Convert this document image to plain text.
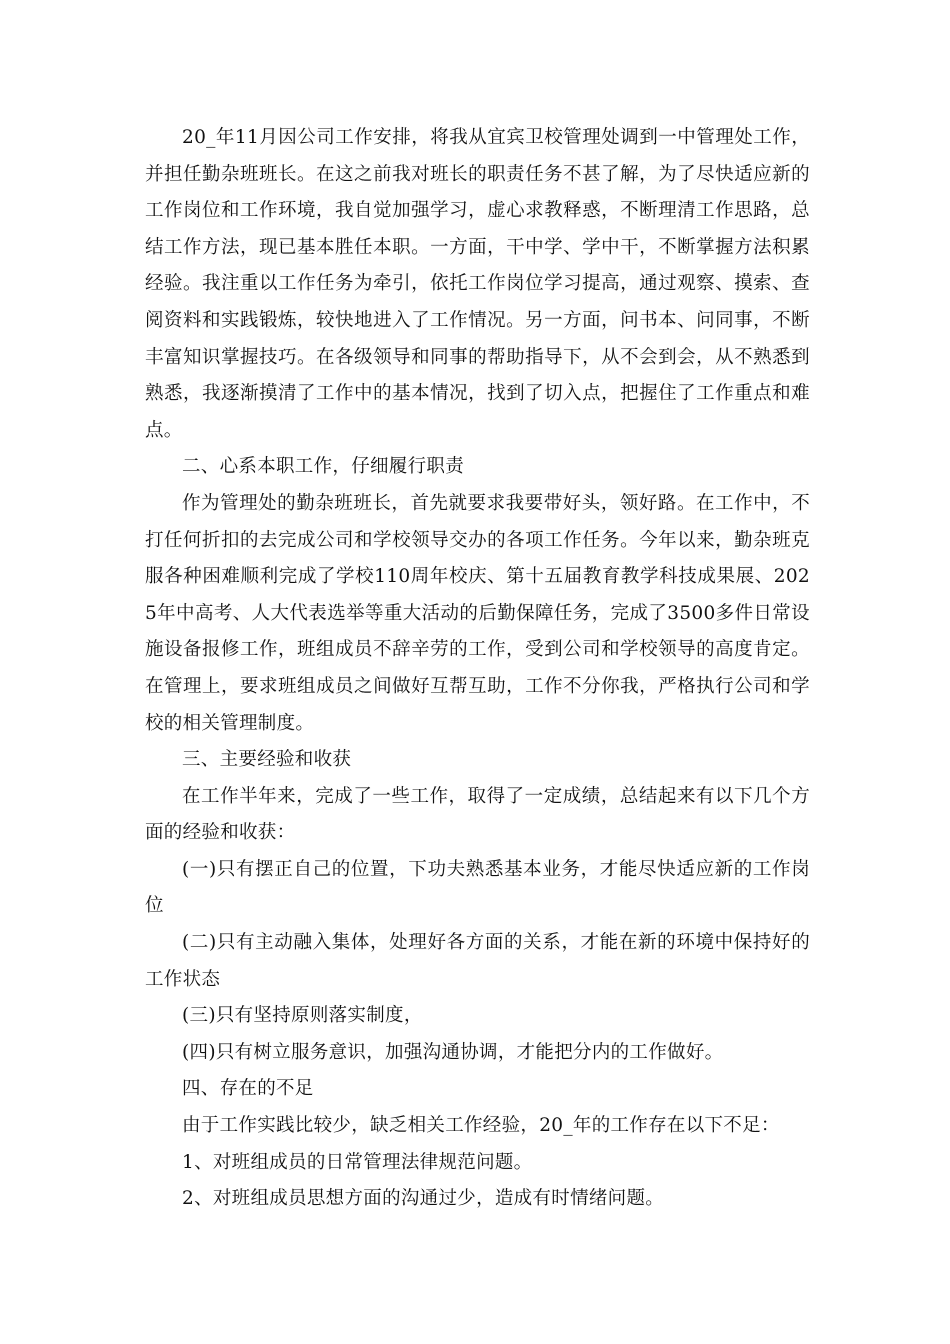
20_年11月因公司工作安排，将我从宜宾卫校管理处调到一中管理处工作，并担任勤杂班班长。在这之前我对班长的职责任务不甚了解，为了尽快适应新的工作岗位和工作环境，我自觉加强学习，虚心求教释惑，不断理清工作思路，总结工作方法，现已基本胜任本职。一方面，干中学、学中干，不断掌握方法积累经验。我注重以工作任务为牵引，依托工作岗位学习提高，通过观察、摸索、查阅资料和实践锻炼，较快地进入了工作情况。另一方面，问书本、问同事，不断丰富知识掌握技巧。在各级领导和同事的帮助指导下，从不会到会，从不熟悉到熟悉，我逐渐摸清了工作中的基本情况，找到了切入点，把握住了工作重点和难点。

二、心系本职工作，仔细履行职责

作为管理处的勤杂班班长，首先就要求我要带好头，领好路。在工作中，不打任何折扣的去完成公司和学校领导交办的各项工作任务。今年以来，勤杂班克服各种困难顺利完成了学校110周年校庆、第十五届教育教学科技成果展、2025年中高考、人大代表选举等重大活动的后勤保障任务，完成了3500多件日常设施设备报修工作，班组成员不辞辛劳的工作，受到公司和学校领导的高度肯定。在管理上，要求班组成员之间做好互帮互助，工作不分你我，严格执行公司和学校的相关管理制度。

三、主要经验和收获

在工作半年来，完成了一些工作，取得了一定成绩，总结起来有以下几个方面的经验和收获：

(一)只有摆正自己的位置，下功夫熟悉基本业务，才能尽快适应新的工作岗位

(二)只有主动融入集体，处理好各方面的关系，才能在新的环境中保持好的工作状态

(三)只有坚持原则落实制度，

(四)只有树立服务意识，加强沟通协调，才能把分内的工作做好。

四、存在的不足

由于工作实践比较少，缺乏相关工作经验，20_年的工作存在以下不足：

1、对班组成员的日常管理法律规范问题。

2、对班组成员思想方面的沟通过少，造成有时情绪问题。
